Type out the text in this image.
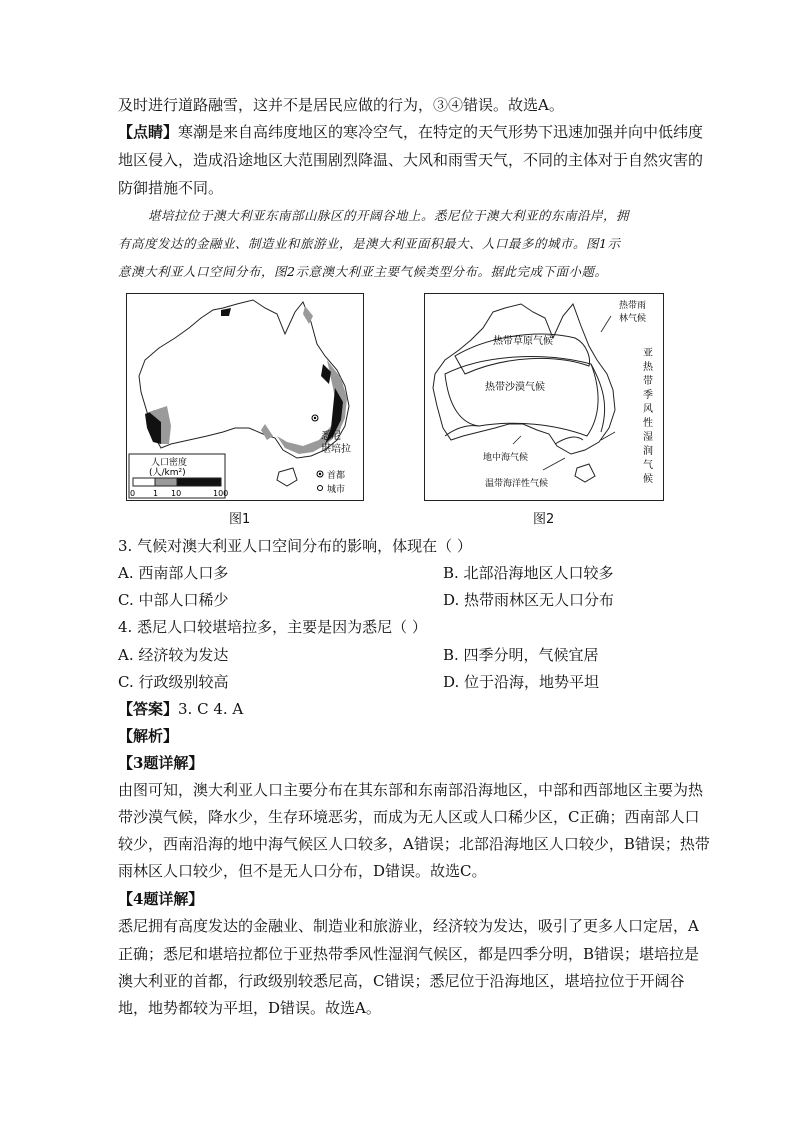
及时进行道路融雪，这并不是居民应做的行为，③④错误。故选A。
【点睛】寒潮是来自高纬度地区的寒冷空气，在特定的天气形势下迅速加强并向中低纬度
地区侵入，造成沿途地区大范围剧烈降温、大风和雨雪天气，不同的主体对于自然灾害的
防御措施不同。
堪培拉位于澳大利亚东南部山脉区的开阔谷地上。悉尼位于澳大利亚的东南沿岸，拥
有高度发达的金融业、制造业和旅游业，是澳大利亚面积最大、人口最多的城市。图1示
意澳大利亚人口空间分布，图2示意澳大利亚主要气候类型分布。据此完成下面小题。
悉尼
堪培拉
人口密度
(人/km²)
0 1 10	100
首都
城市
图1
热带草原气候
热带沙漠气候
热带雨
林气候
地中海气候
温带海洋性气候
亚
热
带
季
风
性
湿
润
气
候
图2
3. 气候对澳大利亚人口空间分布的影响，体现在（ ）
A. 西南部人口多	B. 北部沿海地区人口较多
C. 中部人口稀少	D. 热带雨林区无人口分布
4. 悉尼人口较堪培拉多，主要是因为悉尼（ ）
A. 经济较为发达	B. 四季分明，气候宜居
C. 行政级别较高	D. 位于沿海，地势平坦
【答案】3. C 4. A
【解析】
【3题详解】
由图可知，澳大利亚人口主要分布在其东部和东南部沿海地区，中部和西部地区主要为热
带沙漠气候，降水少，生存环境恶劣，而成为无人区或人口稀少区，C正确；西南部人口
较少，西南沿海的地中海气候区人口较多，A错误；北部沿海地区人口较少，B错误；热带
雨林区人口较少，但不是无人口分布，D错误。故选C。
【4题详解】
悉尼拥有高度发达的金融业、制造业和旅游业，经济较为发达，吸引了更多人口定居，A
正确；悉尼和堪培拉都位于亚热带季风性湿润气候区，都是四季分明，B错误；堪培拉是
澳大利亚的首都，行政级别较悉尼高，C错误；悉尼位于沿海地区，堪培拉位于开阔谷
地，地势都较为平坦，D错误。故选A。
